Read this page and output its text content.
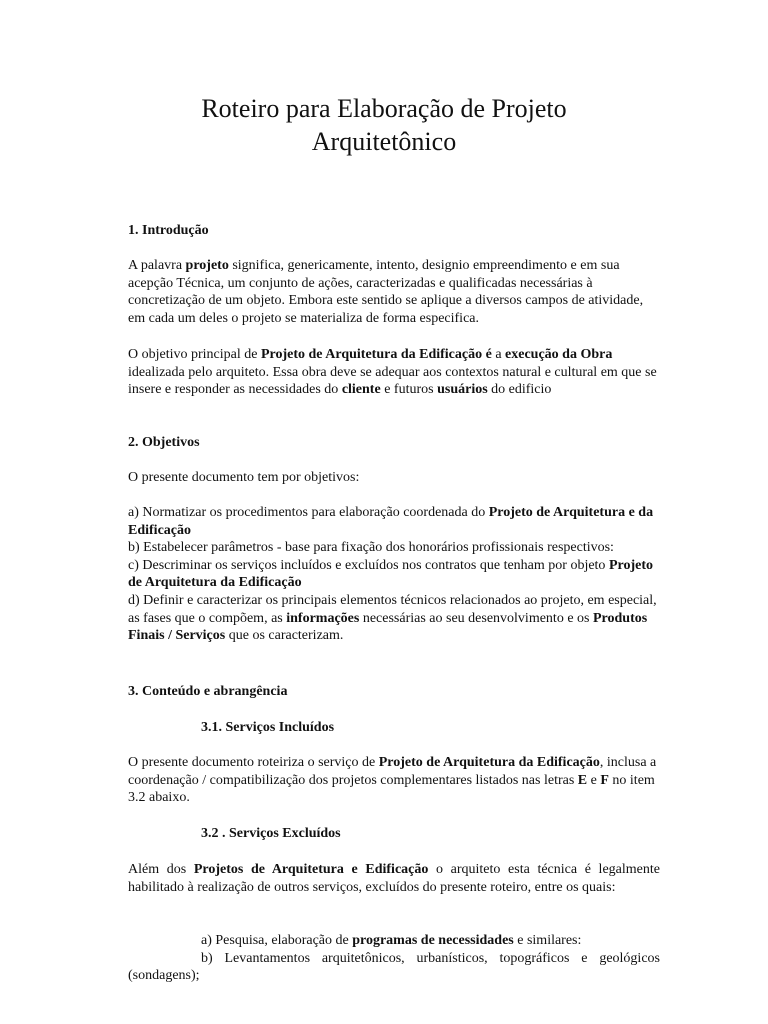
Roteiro para Elaboração de Projeto
Arquitetônico

1. Introdução

A palavra projeto significa, genericamente, intento, designio empreendimento e em sua acepção Técnica, um conjunto de ações, caracterizadas e qualificadas necessárias à concretização de um objeto. Embora este sentido se aplique a diversos campos de atividade, em cada um deles o projeto se materializa de forma especifica.

O objetivo principal de Projeto de Arquitetura da Edificação é a execução da Obra idealizada pelo arquiteto. Essa obra deve se adequar aos contextos natural e cultural em que se insere e responder as necessidades do cliente e futuros usuários do edificio

2. Objetivos

O presente documento tem por objetivos:

a) Normatizar os procedimentos para elaboração coordenada do Projeto de Arquitetura e da Edificação
b) Estabelecer parâmetros - base para fixação dos honorários profissionais respectivos:
c) Descriminar os serviços incluídos e excluídos nos contratos que tenham por objeto Projeto de Arquitetura da Edificação
d) Definir e caracterizar os principais elementos técnicos relacionados ao projeto, em especial, as fases que o compõem, as informações necessárias ao seu desenvolvimento e os Produtos Finais / Serviços que os caracterizam.

3. Conteúdo e abrangência

3.1. Serviços Incluídos

O presente documento roteiriza o serviço de Projeto de Arquitetura da Edificação, inclusa a coordenação / compatibilização dos projetos complementares listados nas letras E e F no item 3.2 abaixo.

3.2 . Serviços Excluídos

Além dos Projetos de Arquitetura e Edificação o arquiteto esta técnica é legalmente habilitado à realização de outros serviços, excluídos do presente roteiro, entre os quais:

a) Pesquisa, elaboração de programas de necessidades e similares:
b) Levantamentos arquitetônicos, urbanísticos, topográficos e geológicos (sondagens);
